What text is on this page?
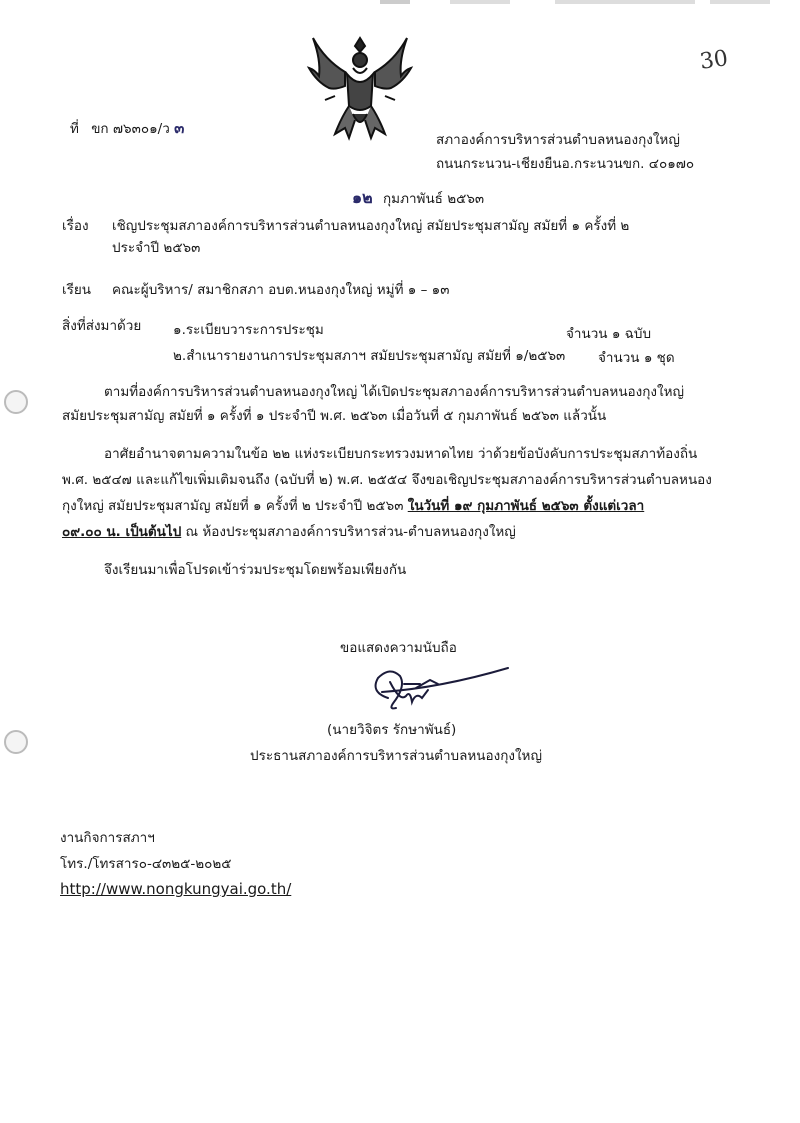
30
ที่ ขก ๗๖๓๐๑/ว ๓
สภาองค์การบริหารส่วนตำบลหนองกุงใหญ่
ถนนกระนวน-เชียงยืนอ.กระนวนขก. ๔๐๑๗๐
๑๒ กุมภาพันธ์ ๒๕๖๓
เรื่อง เชิญประชุมสภาองค์การบริหารส่วนตำบลหนองกุงใหญ่ สมัยประชุมสามัญ สมัยที่ ๑ ครั้งที่ ๒
ประจำปี ๒๕๖๓
เรียน คณะผู้บริหาร/ สมาชิกสภา อบต.หนองกุงใหญ่ หมู่ที่ ๑ – ๑๓
สิ่งที่ส่งมาด้วย ๑.ระเบียบวาระการประชุม	จำนวน ๑ ฉบับ
๒.สำเนารายงานการประชุมสภาฯ สมัยประชุมสามัญ สมัยที่ ๑/๒๕๖๓ จำนวน ๑ ชุด
ตามที่องค์การบริหารส่วนตำบลหนองกุงใหญ่ ได้เปิดประชุมสภาองค์การบริหารส่วนตำบลหนองกุงใหญ่
สมัยประชุมสามัญ สมัยที่ ๑ ครั้งที่ ๑ ประจำปี พ.ศ. ๒๕๖๓ เมื่อวันที่ ๕ กุมภาพันธ์ ๒๕๖๓ แล้วนั้น
อาศัยอำนาจตามความในข้อ ๒๒ แห่งระเบียบกระทรวงมหาดไทย ว่าด้วยข้อบังคับการประชุมสภาท้องถิ่น
พ.ศ. ๒๕๔๗ และแก้ไขเพิ่มเติมจนถึง (ฉบับที่ ๒) พ.ศ. ๒๕๕๔ จึงขอเชิญประชุมสภาองค์การบริหารส่วนตำบลหนอง
กุงใหญ่ สมัยประชุมสามัญ สมัยที่ ๑ ครั้งที่ ๒ ประจำปี ๒๕๖๓ ในวันที่ ๑๙ กุมภาพันธ์ ๒๕๖๓ ตั้งแต่เวลา
๐๙.๐๐ น. เป็นต้นไป ณ ห้องประชุมสภาองค์การบริหารส่วน-ตำบลหนองกุงใหญ่
จึงเรียนมาเพื่อโปรดเข้าร่วมประชุมโดยพร้อมเพียงกัน
ขอแสดงความนับถือ
(นายวิจิตร รักษาพันธ์)
ประธานสภาองค์การบริหารส่วนตำบลหนองกุงใหญ่
งานกิจการสภาฯ
โทร./โทรสาร๐-๔๓๒๕-๒๐๒๕
http://www.nongkungyai.go.th/
